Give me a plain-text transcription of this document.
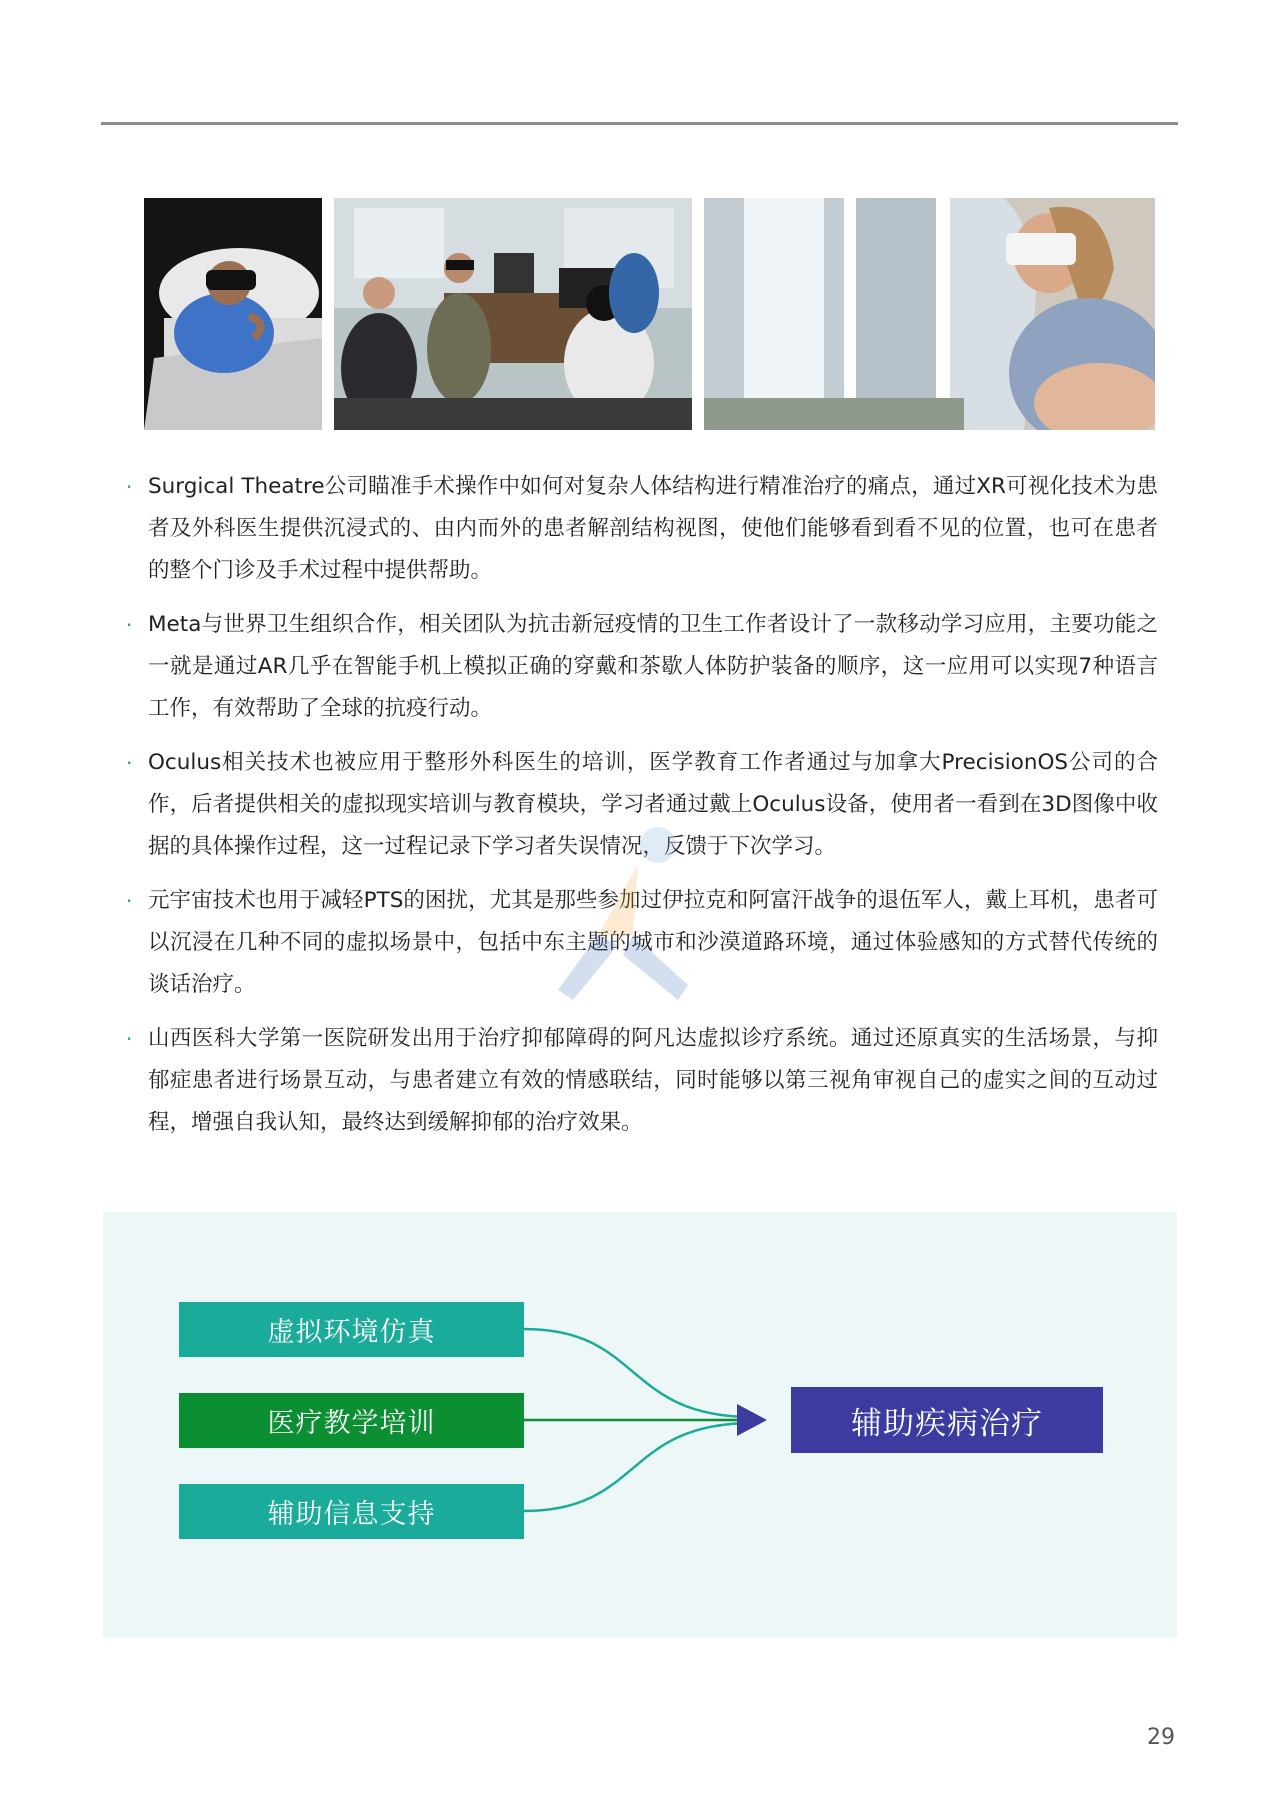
· Surgical Theatre公司瞄准手术操作中如何对复杂人体结构进行精准治疗的痛点，通过XR可视化技术为患者及外科医生提供沉浸式的、由内而外的患者解剖结构视图，使他们能够看到看不见的位置，也可在患者的整个门诊及手术过程中提供帮助。
· Meta与世界卫生组织合作，相关团队为抗击新冠疫情的卫生工作者设计了一款移动学习应用，主要功能之一就是通过AR几乎在智能手机上模拟正确的穿戴和茶歇人体防护装备的顺序，这一应用可以实现7种语言工作，有效帮助了全球的抗疫行动。
· Oculus相关技术也被应用于整形外科医生的培训，医学教育工作者通过与加拿大PrecisionOS公司的合作，后者提供相关的虚拟现实培训与教育模块，学习者通过戴上Oculus设备，使用者一看到在3D图像中收据的具体操作过程，这一过程记录下学习者失误情况，反馈于下次学习。
· 元宇宙技术也用于减轻PTS的困扰，尤其是那些参加过伊拉克和阿富汗战争的退伍军人，戴上耳机，患者可以沉浸在几种不同的虚拟场景中，包括中东主题的城市和沙漠道路环境，通过体验感知的方式替代传统的谈话治疗。
· 山西医科大学第一医院研发出用于治疗抑郁障碍的阿凡达虚拟诊疗系统。通过还原真实的生活场景，与抑郁症患者进行场景互动，与患者建立有效的情感联结，同时能够以第三视角审视自己的虚实之间的互动过程，增强自我认知，最终达到缓解抑郁的治疗效果。
虚拟环境仿真
医疗教学培训
辅助信息支持
辅助疾病治疗
29
